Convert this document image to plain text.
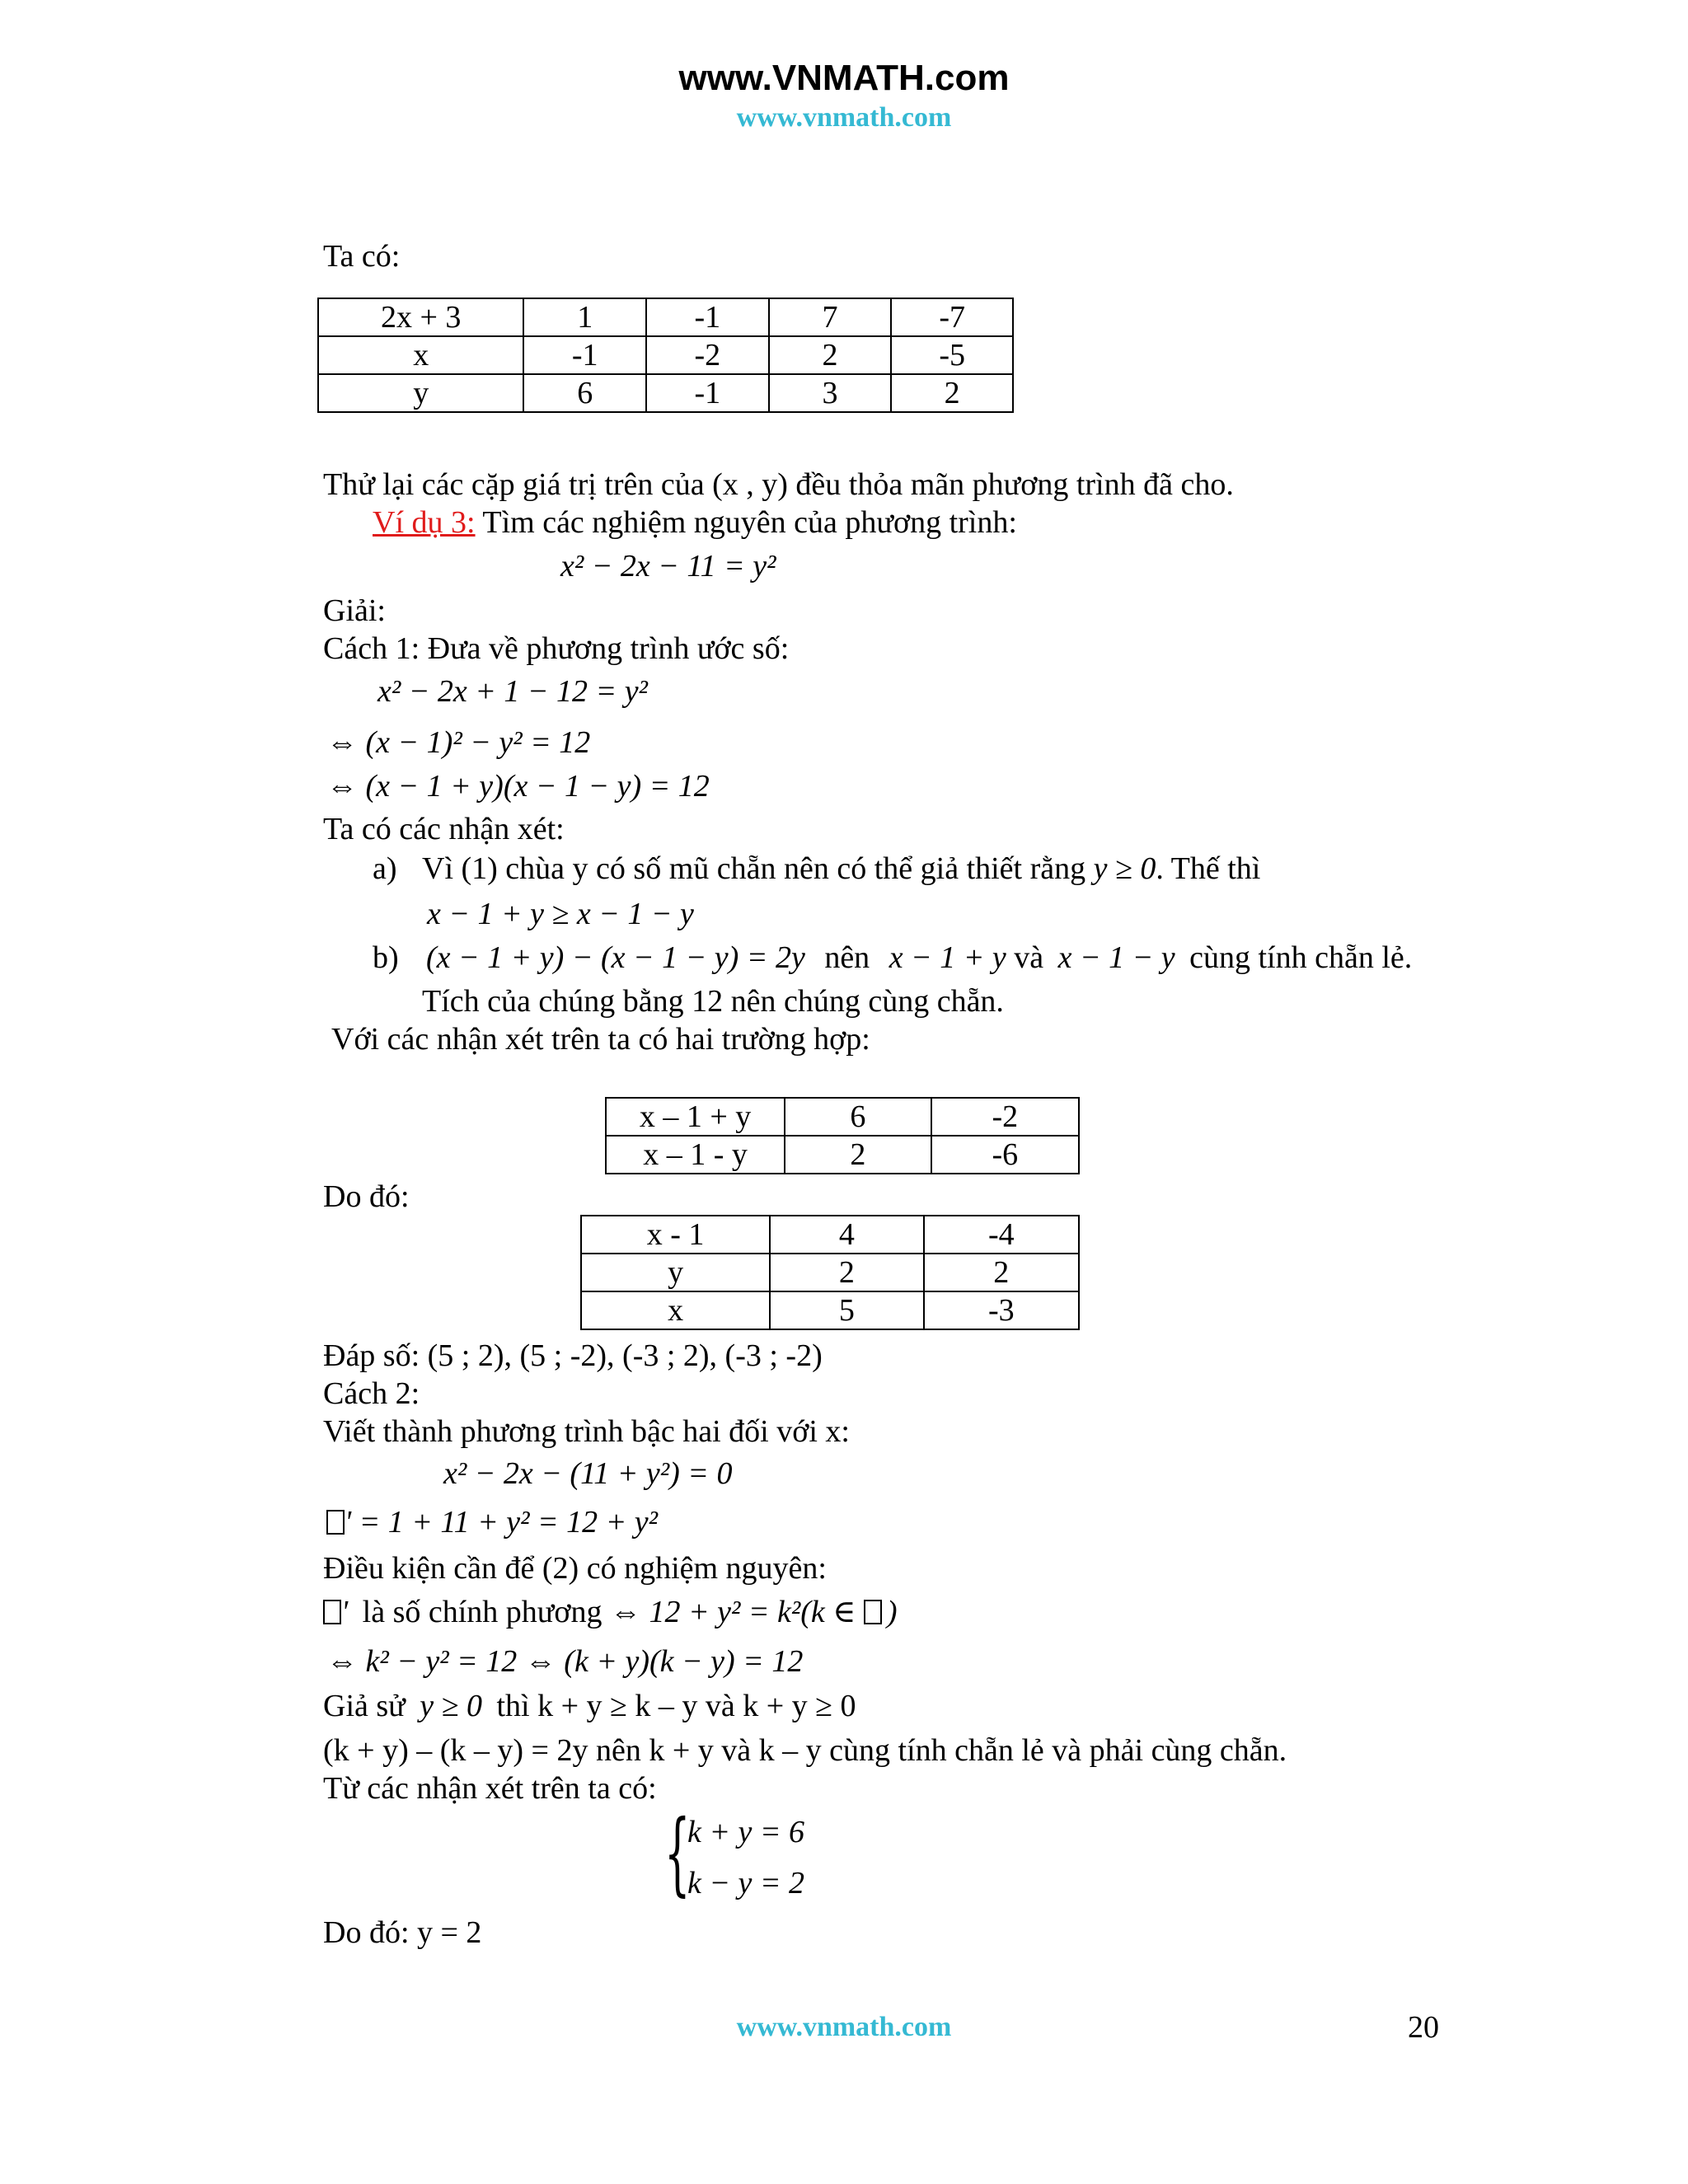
www.VNMATH.com
www.vnmath.com
Ta có:
2x + 3	1	-1	7	-7
x	-1	-2	2	-5
y	6	-1	3	2
Thử lại các cặp giá trị trên của (x , y) đều thỏa mãn phương trình đã cho.
Ví dụ 3: Tìm các nghiệm nguyên của phương trình:
x² − 2x − 11 = y²
Giải:
Cách 1: Đưa về phương trình ước số:
x² − 2x + 1 − 12 = y²
⇔ (x − 1)² − y² = 12
⇔ (x − 1 + y)(x − 1 − y) = 12
Ta có các nhận xét:
a) Vì (1) chùa y có số mũ chẵn nên có thể giả thiết rằng y ≥ 0. Thế thì
x − 1 + y ≥ x − 1 − y
b) (x − 1 + y) − (x − 1 − y) = 2y nên x − 1 + y và x − 1 − y cùng tính chẵn lẻ.
Tích của chúng bằng 12 nên chúng cùng chẵn.
Với các nhận xét trên ta có hai trường hợp:
x – 1 + y	6	-2
x – 1 - y	2	-6
Do đó:
x - 1	4	-4
y	2	2
x	5	-3
Đáp số: (5 ; 2), (5 ; -2), (-3 ; 2), (-3 ; -2)
Cách 2:
Viết thành phương trình bậc hai đối với x:
x² − 2x − (11 + y²) = 0
' = 1 + 11 + y² = 12 + y²
Điều kiện cần để (2) có nghiệm nguyên:
' là số chính phương ⇔ 12 + y² = k²(k ∈ )
⇔ k² − y² = 12 ⇔ (k + y)(k − y) = 12
Giả sử y ≥ 0 thì k + y ≥ k – y và k + y ≥ 0
(k + y) – (k – y) = 2y nên k + y và k – y cùng tính chẵn lẻ và phải cùng chẵn.
Từ các nhận xét trên ta có:
{
k + y = 6
k − y = 2
Do đó: y = 2
www.vnmath.com	20
